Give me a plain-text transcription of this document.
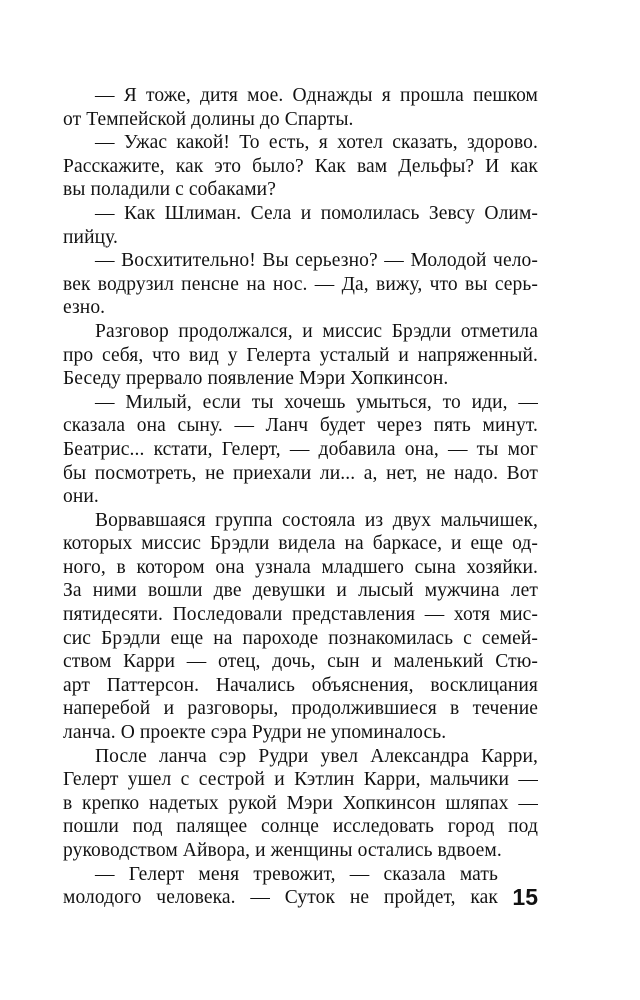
— Я тоже, дитя мое. Однажды я прошла пешком
от Темпейской долины до Спарты.
— Ужас какой! То есть, я хотел сказать, здорово.
Расскажите, как это было? Как вам Дельфы? И как
вы поладили с собаками?
— Как Шлиман. Села и помолилась Зевсу Олим-
пийцу.
— Восхитительно! Вы серьезно? — Молодой чело-
век водрузил пенсне на нос. — Да, вижу, что вы серь-
езно.
Разговор продолжался, и миссис Брэдли отметила
про себя, что вид у Гелерта усталый и напряженный.
Беседу прервало появление Мэри Хопкинсон.
— Милый, если ты хочешь умыться, то иди, —
сказала она сыну. — Ланч будет через пять минут.
Беатрис... кстати, Гелерт, — добавила она, — ты мог
бы посмотреть, не приехали ли... а, нет, не надо. Вот
они.
Ворвавшаяся группа состояла из двух мальчишек,
которых миссис Брэдли видела на баркасе, и еще од-
ного, в котором она узнала младшего сына хозяйки.
За ними вошли две девушки и лысый мужчина лет
пятидесяти. Последовали представления — хотя мис-
сис Брэдли еще на пароходе познакомилась с семей-
ством Карри — отец, дочь, сын и маленький Стю-
арт Паттерсон. Начались объяснения, восклицания
наперебой и разговоры, продолжившиеся в течение
ланча. О проекте сэра Рудри не упоминалось.
После ланча сэр Рудри увел Александра Карри,
Гелерт ушел с сестрой и Кэтлин Карри, мальчики —
в крепко надетых рукой Мэри Хопкинсон шляпах —
пошли под палящее солнце исследовать город под
руководством Айвора, и женщины остались вдвоем.
— Гелерт меня тревожит, — сказала мать
молодого человека. — Суток не пройдет, как 15
